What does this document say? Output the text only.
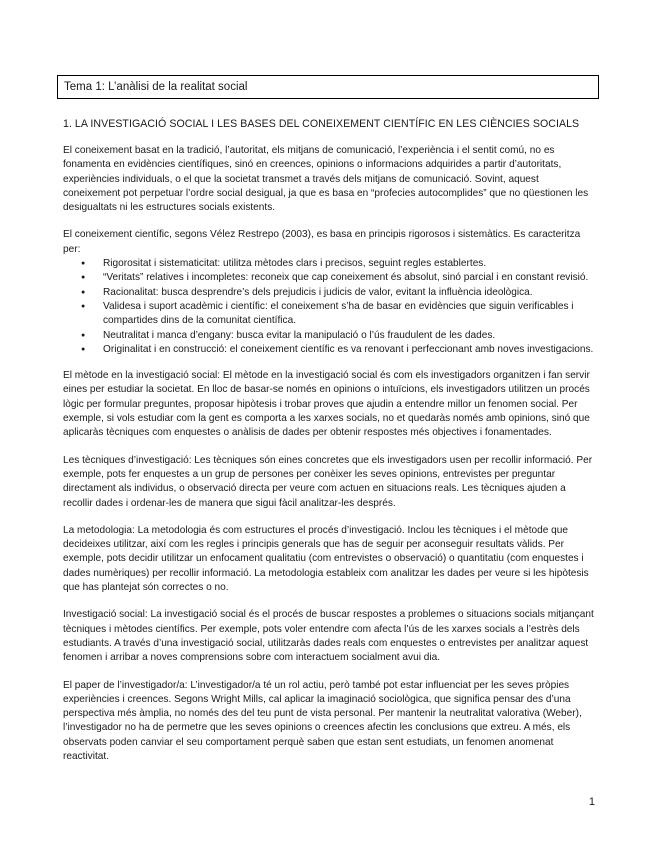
Tema 1: L’anàlisi de la realitat social
1. LA INVESTIGACIÓ SOCIAL I LES BASES DEL CONEIXEMENT CIENTÍFIC EN LES CIÈNCIES SOCIALS

El coneixement basat en la tradició, l’autoritat, els mitjans de comunicació, l’experiència i el sentit comú, no es fonamenta en evidències científiques, sinó en creences, opinions o informacions adquirides a partir d’autoritats, experiències individuals, o el que la societat transmet a través dels mitjans de comunicació. Sovint, aquest coneixement pot perpetuar l’ordre social desigual, ja que es basa en “profecies autocomplides” que no qüestionen les desigualtats ni les estructures socials existents.

El coneixement científic, segons Vélez Restrepo (2003), es basa en principis rigorosos i sistemàtics. Es caracteritza per:

● Rigorositat i sistematicitat: utilitza mètodes clars i precisos, seguint regles establertes.
● “Veritats” relatives i incompletes: reconeix que cap coneixement és absolut, sinó parcial i en constant revisió.
● Racionalitat: busca desprendre’s dels prejudicis i judicis de valor, evitant la influència ideològica.
● Validesa i suport acadèmic i científic: el coneixement s’ha de basar en evidències que siguin verificables i compartides dins de la comunitat científica.
● Neutralitat i manca d’engany: busca evitar la manipulació o l’ús fraudulent de les dades.
● Originalitat i en construcció: el coneixement científic es va renovant i perfeccionant amb noves investigacions.

El mètode en la investigació social: El mètode en la investigació social és com els investigadors organitzen i fan servir eines per estudiar la societat. En lloc de basar-se només en opinions o intuïcions, els investigadors utilitzen un procés lògic per formular preguntes, proposar hipòtesis i trobar proves que ajudin a entendre millor un fenomen social. Per exemple, si vols estudiar com la gent es comporta a les xarxes socials, no et quedaràs només amb opinions, sinó que aplicaràs tècniques com enquestes o anàlisis de dades per obtenir respostes més objectives i fonamentades.

Les tècniques d’investigació: Les tècniques són eines concretes que els investigadors usen per recollir informació. Per exemple, pots fer enquestes a un grup de persones per conèixer les seves opinions, entrevistes per preguntar directament als individus, o observació directa per veure com actuen en situacions reals. Les tècniques ajuden a recollir dades i ordenar-les de manera que sigui fàcil analitzar-les després.

La metodologia: La metodologia és com estructures el procés d’investigació. Inclou les tècniques i el mètode que decideixes utilitzar, així com les regles i principis generals que has de seguir per aconseguir resultats vàlids. Per exemple, pots decidir utilitzar un enfocament qualitatiu (com entrevistes o observació) o quantitatiu (com enquestes i dades numèriques) per recollir informació. La metodologia estableix com analitzar les dades per veure si les hipòtesis que has plantejat són correctes o no.

Investigació social: La investigació social és el procés de buscar respostes a problemes o situacions socials mitjançant tècniques i mètodes científics. Per exemple, pots voler entendre com afecta l’ús de les xarxes socials a l’estrès dels estudiants. A través d’una investigació social, utilitzaràs dades reals com enquestes o entrevistes per analitzar aquest fenomen i arribar a noves comprensions sobre com interactuem socialment avui dia.

El paper de l’investigador/a: L’investigador/a té un rol actiu, però també pot estar influenciat per les seves pròpies experiències i creences. Segons Wright Mills, cal aplicar la imaginació sociològica, que significa pensar des d’una perspectiva més àmplia, no només des del teu punt de vista personal. Per mantenir la neutralitat valorativa (Weber), l’investigador no ha de permetre que les seves opinions o creences afectin les conclusions que extreu. A més, els observats poden canviar el seu comportament perquè saben que estan sent estudiats, un fenomen anomenat reactivitat.

1
